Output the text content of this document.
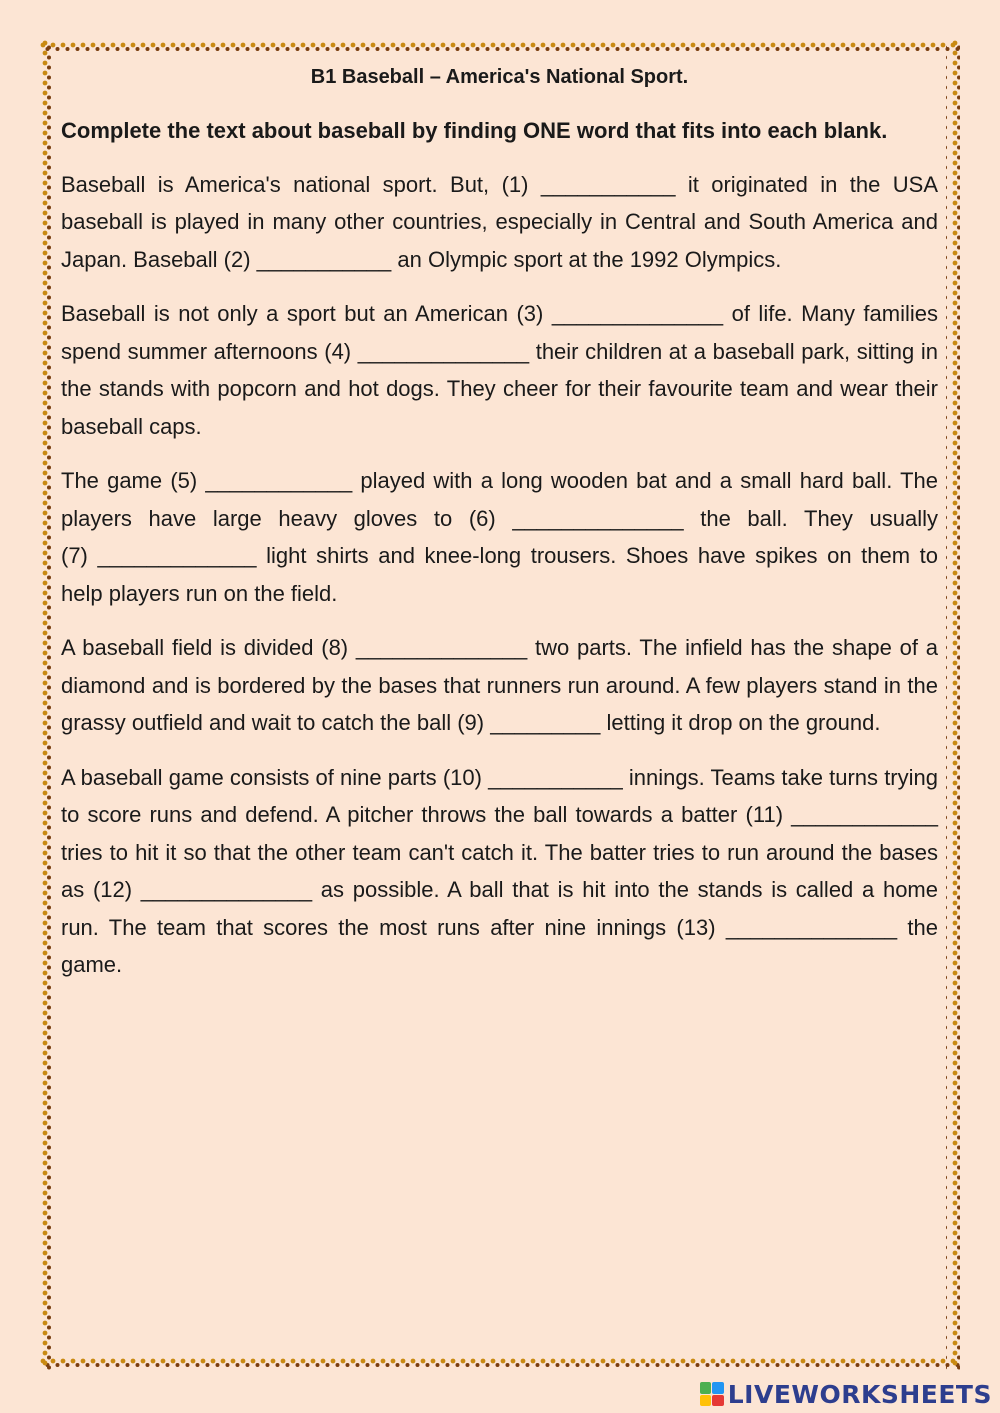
B1 Baseball – America's National Sport.
Complete the text about baseball by finding ONE word that fits into each blank.

Baseball is America's national sport. But, (1) ___________ it originated in the USA baseball is played in many other countries, especially in Central and South America and Japan. Baseball (2) ___________ an Olympic sport at the 1992 Olympics.

Baseball is not only a sport but an American (3) ______________ of life. Many families spend summer afternoons (4) ______________ their children at a baseball park, sitting in the stands with popcorn and hot dogs. They cheer for their favourite team and wear their baseball caps.

The game (5) ____________ played with a long wooden bat and a small hard ball. The players have large heavy gloves to (6) ______________ the ball. They usually (7) _____________ light shirts and knee-long trousers. Shoes have spikes on them to help players run on the field.

A baseball field is divided (8) ______________ two parts. The infield has the shape of a diamond and is bordered by the bases that runners run around. A few players stand in the grassy outfield and wait to catch the ball (9) _________ letting it drop on the ground.

A baseball game consists of nine parts (10) ___________ innings. Teams take turns trying to score runs and defend. A pitcher throws the ball towards a batter (11) ____________ tries to hit it so that the other team can't catch it. The batter tries to run around the bases as (12) ______________ as possible. A ball that is hit into the stands is called a home run. The team that scores the most runs after nine innings (13) ______________ the game.

LIVEWORKSHEETS
